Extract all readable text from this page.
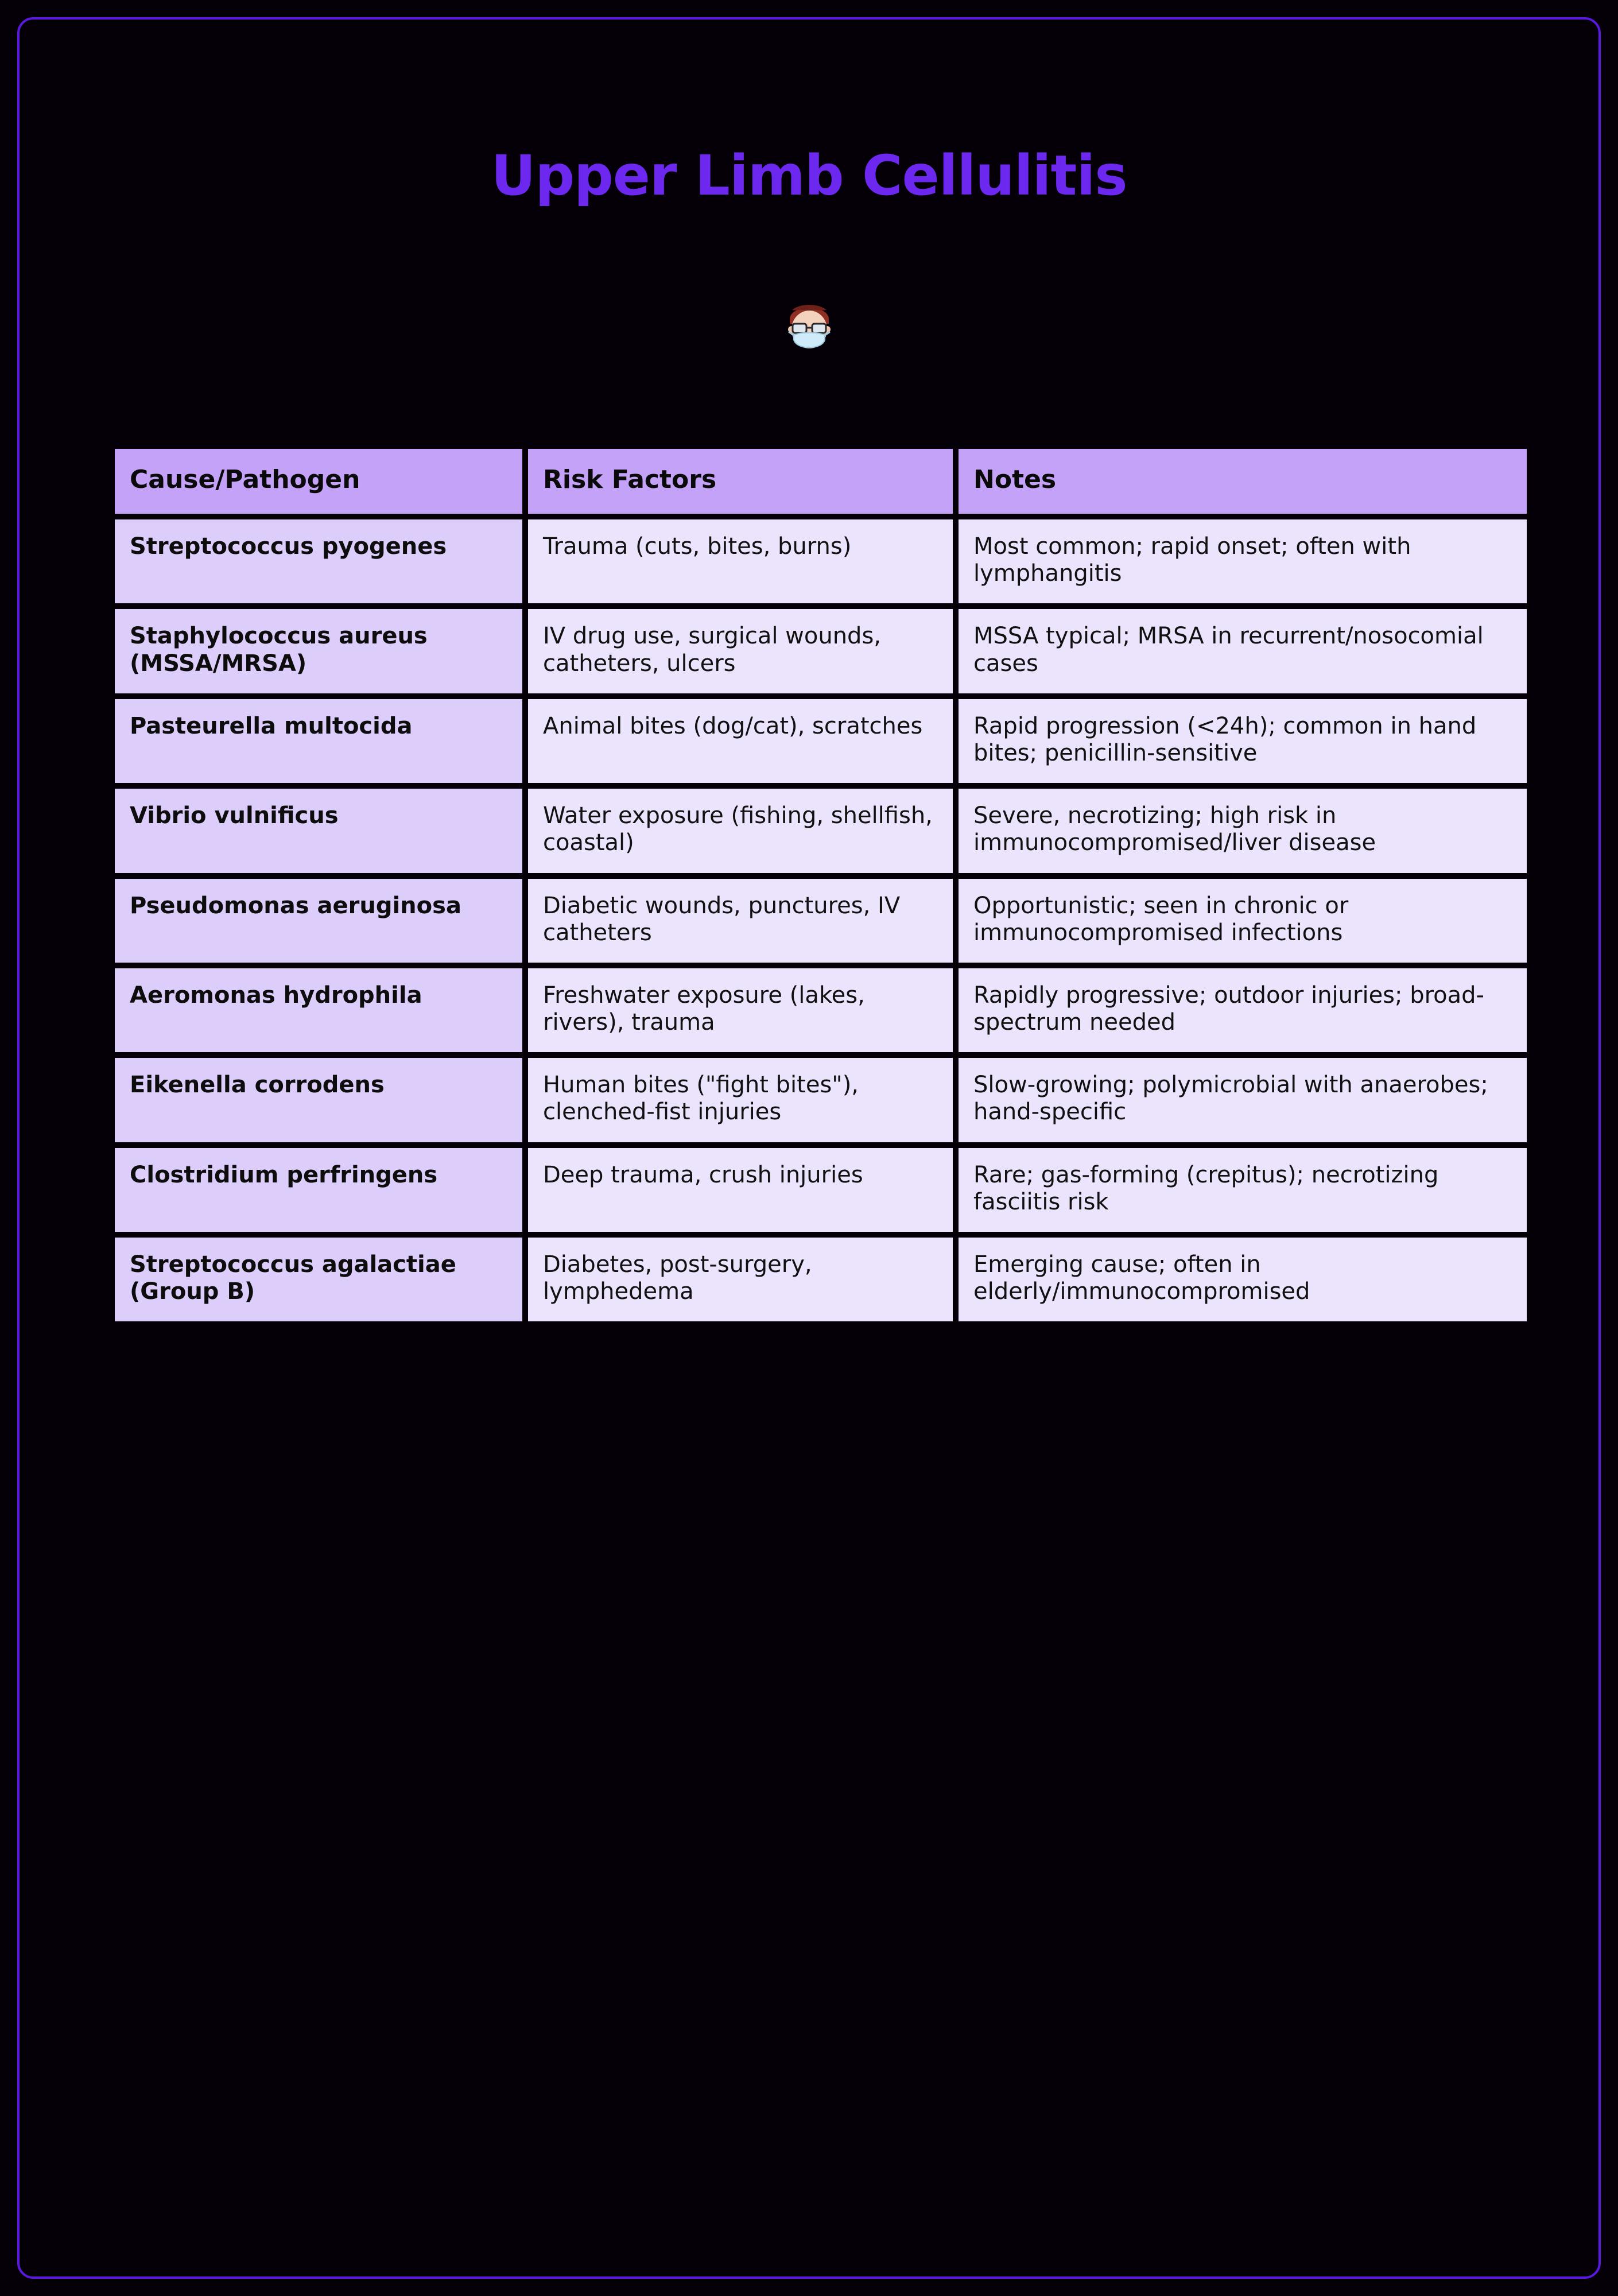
Upper Limb Cellulitis
Cause/Pathogen	Risk Factors	Notes
Streptococcus pyogenes	Trauma (cuts, bites, burns)	Most common; rapid onset; often with lymphangitis
Staphylococcus aureus (MSSA/MRSA)	IV drug use, surgical wounds, catheters, ulcers	MSSA typical; MRSA in recurrent/nosocomial cases
Pasteurella multocida	Animal bites (dog/cat), scratches	Rapid progression (<24h); common in hand bites; penicillin-sensitive
Vibrio vulnificus	Water exposure (fishing, shellfish, coastal)	Severe, necrotizing; high risk in immunocompromised/liver disease
Pseudomonas aeruginosa	Diabetic wounds, punctures, IV catheters	Opportunistic; seen in chronic or immunocompromised infections
Aeromonas hydrophila	Freshwater exposure (lakes, rivers), trauma	Rapidly progressive; outdoor injuries; broad-spectrum needed
Eikenella corrodens	Human bites ("fight bites"), clenched-fist injuries	Slow-growing; polymicrobial with anaerobes; hand-specific
Clostridium perfringens	Deep trauma, crush injuries	Rare; gas-forming (crepitus); necrotizing fasciitis risk
Streptococcus agalactiae (Group B)	Diabetes, post-surgery, lymphedema	Emerging cause; often in elderly/immunocompromised
